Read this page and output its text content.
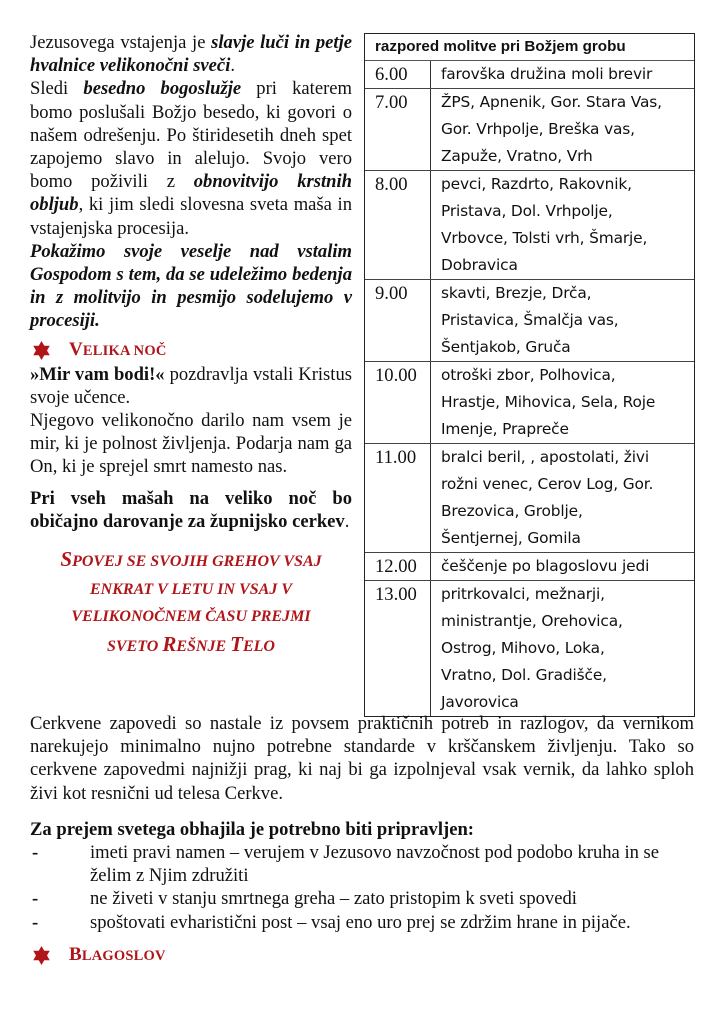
Jezusovega vstajenja je slavje luči in petje hvalnice velikonočni sveči.

Sledi besedno bogoslužje pri katerem bomo poslušali Božjo besedo, ki govori o našem odrešenju. Po štiridesetih dneh spet zapojemo slavo in alelujo. Svojo vero bomo poživili z obnovitvijo krstnih obljub, ki jim sledi slovesna sveta maša in vstajenjska procesija.

Pokažimo svoje veselje nad vstalim Gospodom s tem, da se udeležimo bedenja in z molitvijo in pesmijo sodelujemo v procesiji.

VELIKA NOČ

»Mir vam bodi!« pozdravlja vstali Kristus svoje učence.

Njegovo velikonočno darilo nam vsem je mir, ki je polnost življenja. Podarja nam ga On, ki je sprejel smrt namesto nas.

Pri vseh mašah na veliko noč bo običajno darovanje za župnijsko cerkev.

SPOVEJ SE SVOJIH GREHOV VSAJ
ENKRAT V LETU IN VSAJ V
VELIKONOČNEM ČASU PREJMI
SVETO REŠNJE TELO
razpored molitve pri Božjem grobu
6.00	farovška družina moli brevir
7.00	ŽPS, Apnenik, Gor. Stara Vas,
Gor. Vrhpolje, Breška vas,
Zapuže, Vratno, Vrh
8.00	pevci, Razdrto, Rakovnik,
Pristava, Dol. Vrhpolje,
Vrbovce, Tolsti vrh, Šmarje,
Dobravica
9.00	skavti, Brezje, Drča,
Pristavica, Šmalčja vas,
Šentjakob, Gruča
10.00	otroški zbor, Polhovica,
Hrastje, Mihovica, Sela, Roje
Imenje, Prapreče
11.00	bralci beril, , apostolati, živi
rožni venec, Cerov Log, Gor.
Brezovica, Groblje,
Šentjernej, Gomila
12.00	češčenje po blagoslovu jedi
13.00	pritrkovalci, mežnarji,
ministrantje, Orehovica,
Ostrog, Mihovo, Loka,
Vratno, Dol. Gradišče,
Javorovica

Cerkvene zapovedi so nastale iz povsem praktičnih potreb in razlogov, da vernikom narekujejo minimalno nujno potrebne standarde v krščanskem življenju. Tako so cerkvene zapovedmi najnižji prag, ki naj bi ga izpolnjeval vsak vernik, da lahko sploh živi kot resnični ud telesa Cerkve.

Za prejem svetega obhajila je potrebno biti pripravljen:

-	imeti pravi namen – verujem v Jezusovo navzočnost pod podobo kruha in se želim z Njim združiti
-	ne živeti v stanju smrtnega greha – zato pristopim k sveti spovedi
-	spoštovati evharistični post – vsaj eno uro prej se zdržim hrane in pijače.
BLAGOSLOV
